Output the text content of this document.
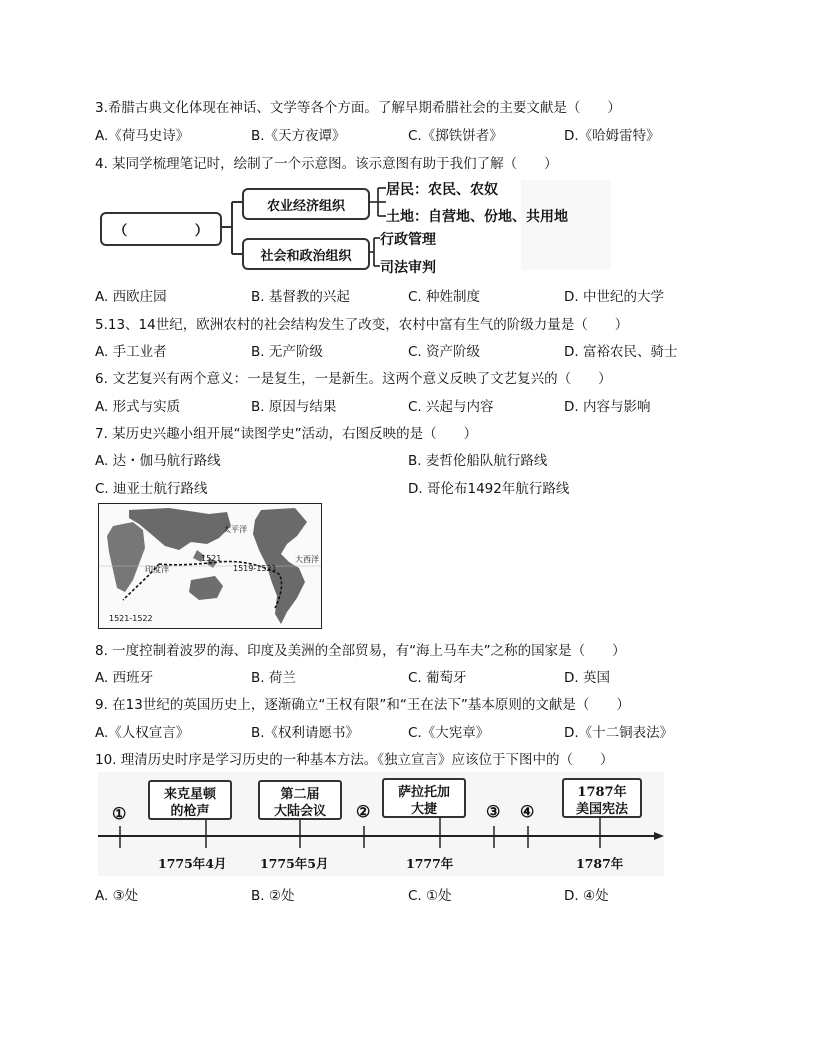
3.希腊古典文化体现在神话、文学等各个方面。了解早期希腊社会的主要文献是（　　）
A.《荷马史诗》	B.《天方夜谭》	C.《掷铁饼者》	D.《哈姆雷特》
4. 某同学梳理笔记时，绘制了一个示意图。该示意图有助于我们了解（　　）
（　　　　　）
农业经济组织
社会和政治组织
居民：农民、农奴
土地：自营地、份地、共用地
行政管理
司法审判
A. 西欧庄园	B. 基督教的兴起	C. 种姓制度	D. 中世纪的大学
5.13、14世纪，欧洲农村的社会结构发生了改变，农村中富有生气的阶级力量是（　　）
A. 手工业者	B. 无产阶级	C. 资产阶级	D. 富裕农民、骑士
6. 文艺复兴有两个意义：一是复生，一是新生。这两个意义反映了文艺复兴的（　　）
A. 形式与实质	B. 原因与结果	C. 兴起与内容	D. 内容与影响
7. 某历史兴趣小组开展“读图学史”活动，右图反映的是（　　）
A. 达・伽马航行路线	B. 麦哲伦船队航行路线
C. 迪亚士航行路线	D. 哥伦布1492年航行路线
太平洋
印度洋
大西洋
1521
1519-1521
1521-1522
8. 一度控制着波罗的海、印度及美洲的全部贸易，有“海上马车夫”之称的国家是（　　）
A. 西班牙	B. 荷兰	C. 葡萄牙	D. 英国
9. 在13世纪的英国历史上，逐渐确立“王权有限”和“王在法下”基本原则的文献是（　　）
A.《人权宣言》	B.《权利请愿书》	C.《大宪章》	D.《十二铜表法》
10. 理清历史时序是学习历史的一种基本方法。《独立宣言》应该位于下图中的（　　）
①	②	③ ④
来克星顿
的枪声
第二届
大陆会议
萨拉托加
大捷
1787年
美国宪法
1775年4月	1775年5月	1777年	1787年
A. ③处	B. ②处	C. ①处	D. ④处
